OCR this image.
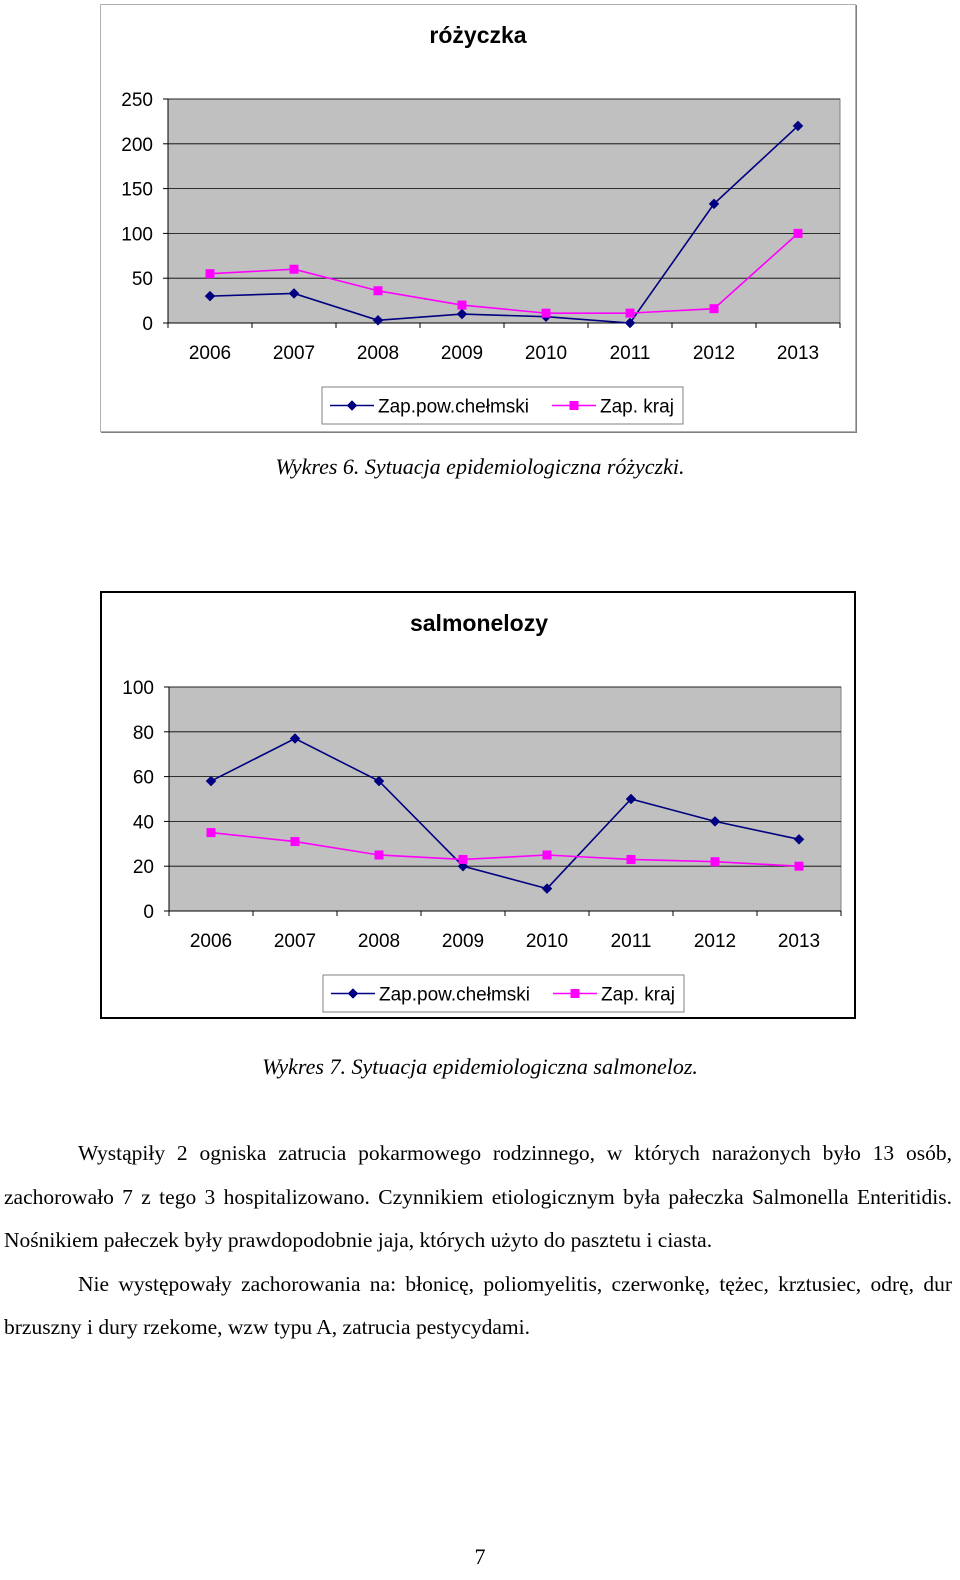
różyczka
0
50
100
150
200
250
2006 2007 2008 2009 2010 2011 2012 2013
Zap.pow.chełmski	Zap. kraj
Wykres 6. Sytuacja epidemiologiczna różyczki.
salmonelozy
0
20
40
60
80
100
2006 2007 2008 2009 2010 2011 2012 2013
Zap.pow.chełmski	Zap. kraj
Wykres 7. Sytuacja epidemiologiczna salmoneloz.

Wystąpiły 2 ogniska zatrucia pokarmowego rodzinnego, w których narażonych było 13 osób, zachorowało 7 z tego 3 hospitalizowano. Czynnikiem etiologicznym była pałeczka Salmonella Enteritidis. Nośnikiem pałeczek były prawdopodobnie jaja, których użyto do pasztetu i ciasta.

Nie występowały zachorowania na: błonicę, poliomyelitis, czerwonkę, tężec, krztusiec, odrę, dur brzuszny i dury rzekome, wzw typu A, zatrucia pestycydami.

7
